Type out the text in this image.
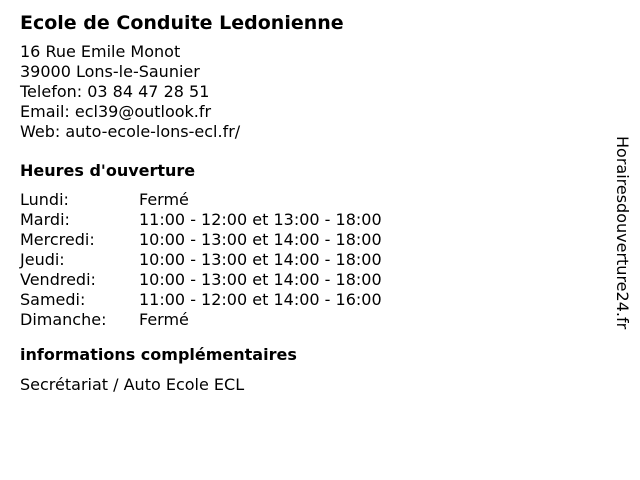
Ecole de Conduite Ledonienne
16 Rue Emile Monot
39000 Lons-le-Saunier
Telefon: 03 84 47 28 51
Email: ecl39@outlook.fr
Web: auto-ecole-lons-ecl.fr/
Heures d'ouverture
Lundi:	Fermé
Mardi:	11:00 - 12:00 et 13:00 - 18:00
Mercredi:	10:00 - 13:00 et 14:00 - 18:00
Jeudi:	10:00 - 13:00 et 14:00 - 18:00
Vendredi:	10:00 - 13:00 et 14:00 - 18:00
Samedi:	11:00 - 12:00 et 14:00 - 16:00
Dimanche:	Fermé
informations complémentaires
Secrétariat / Auto Ecole ECL
Horairesdouverture24.fr
